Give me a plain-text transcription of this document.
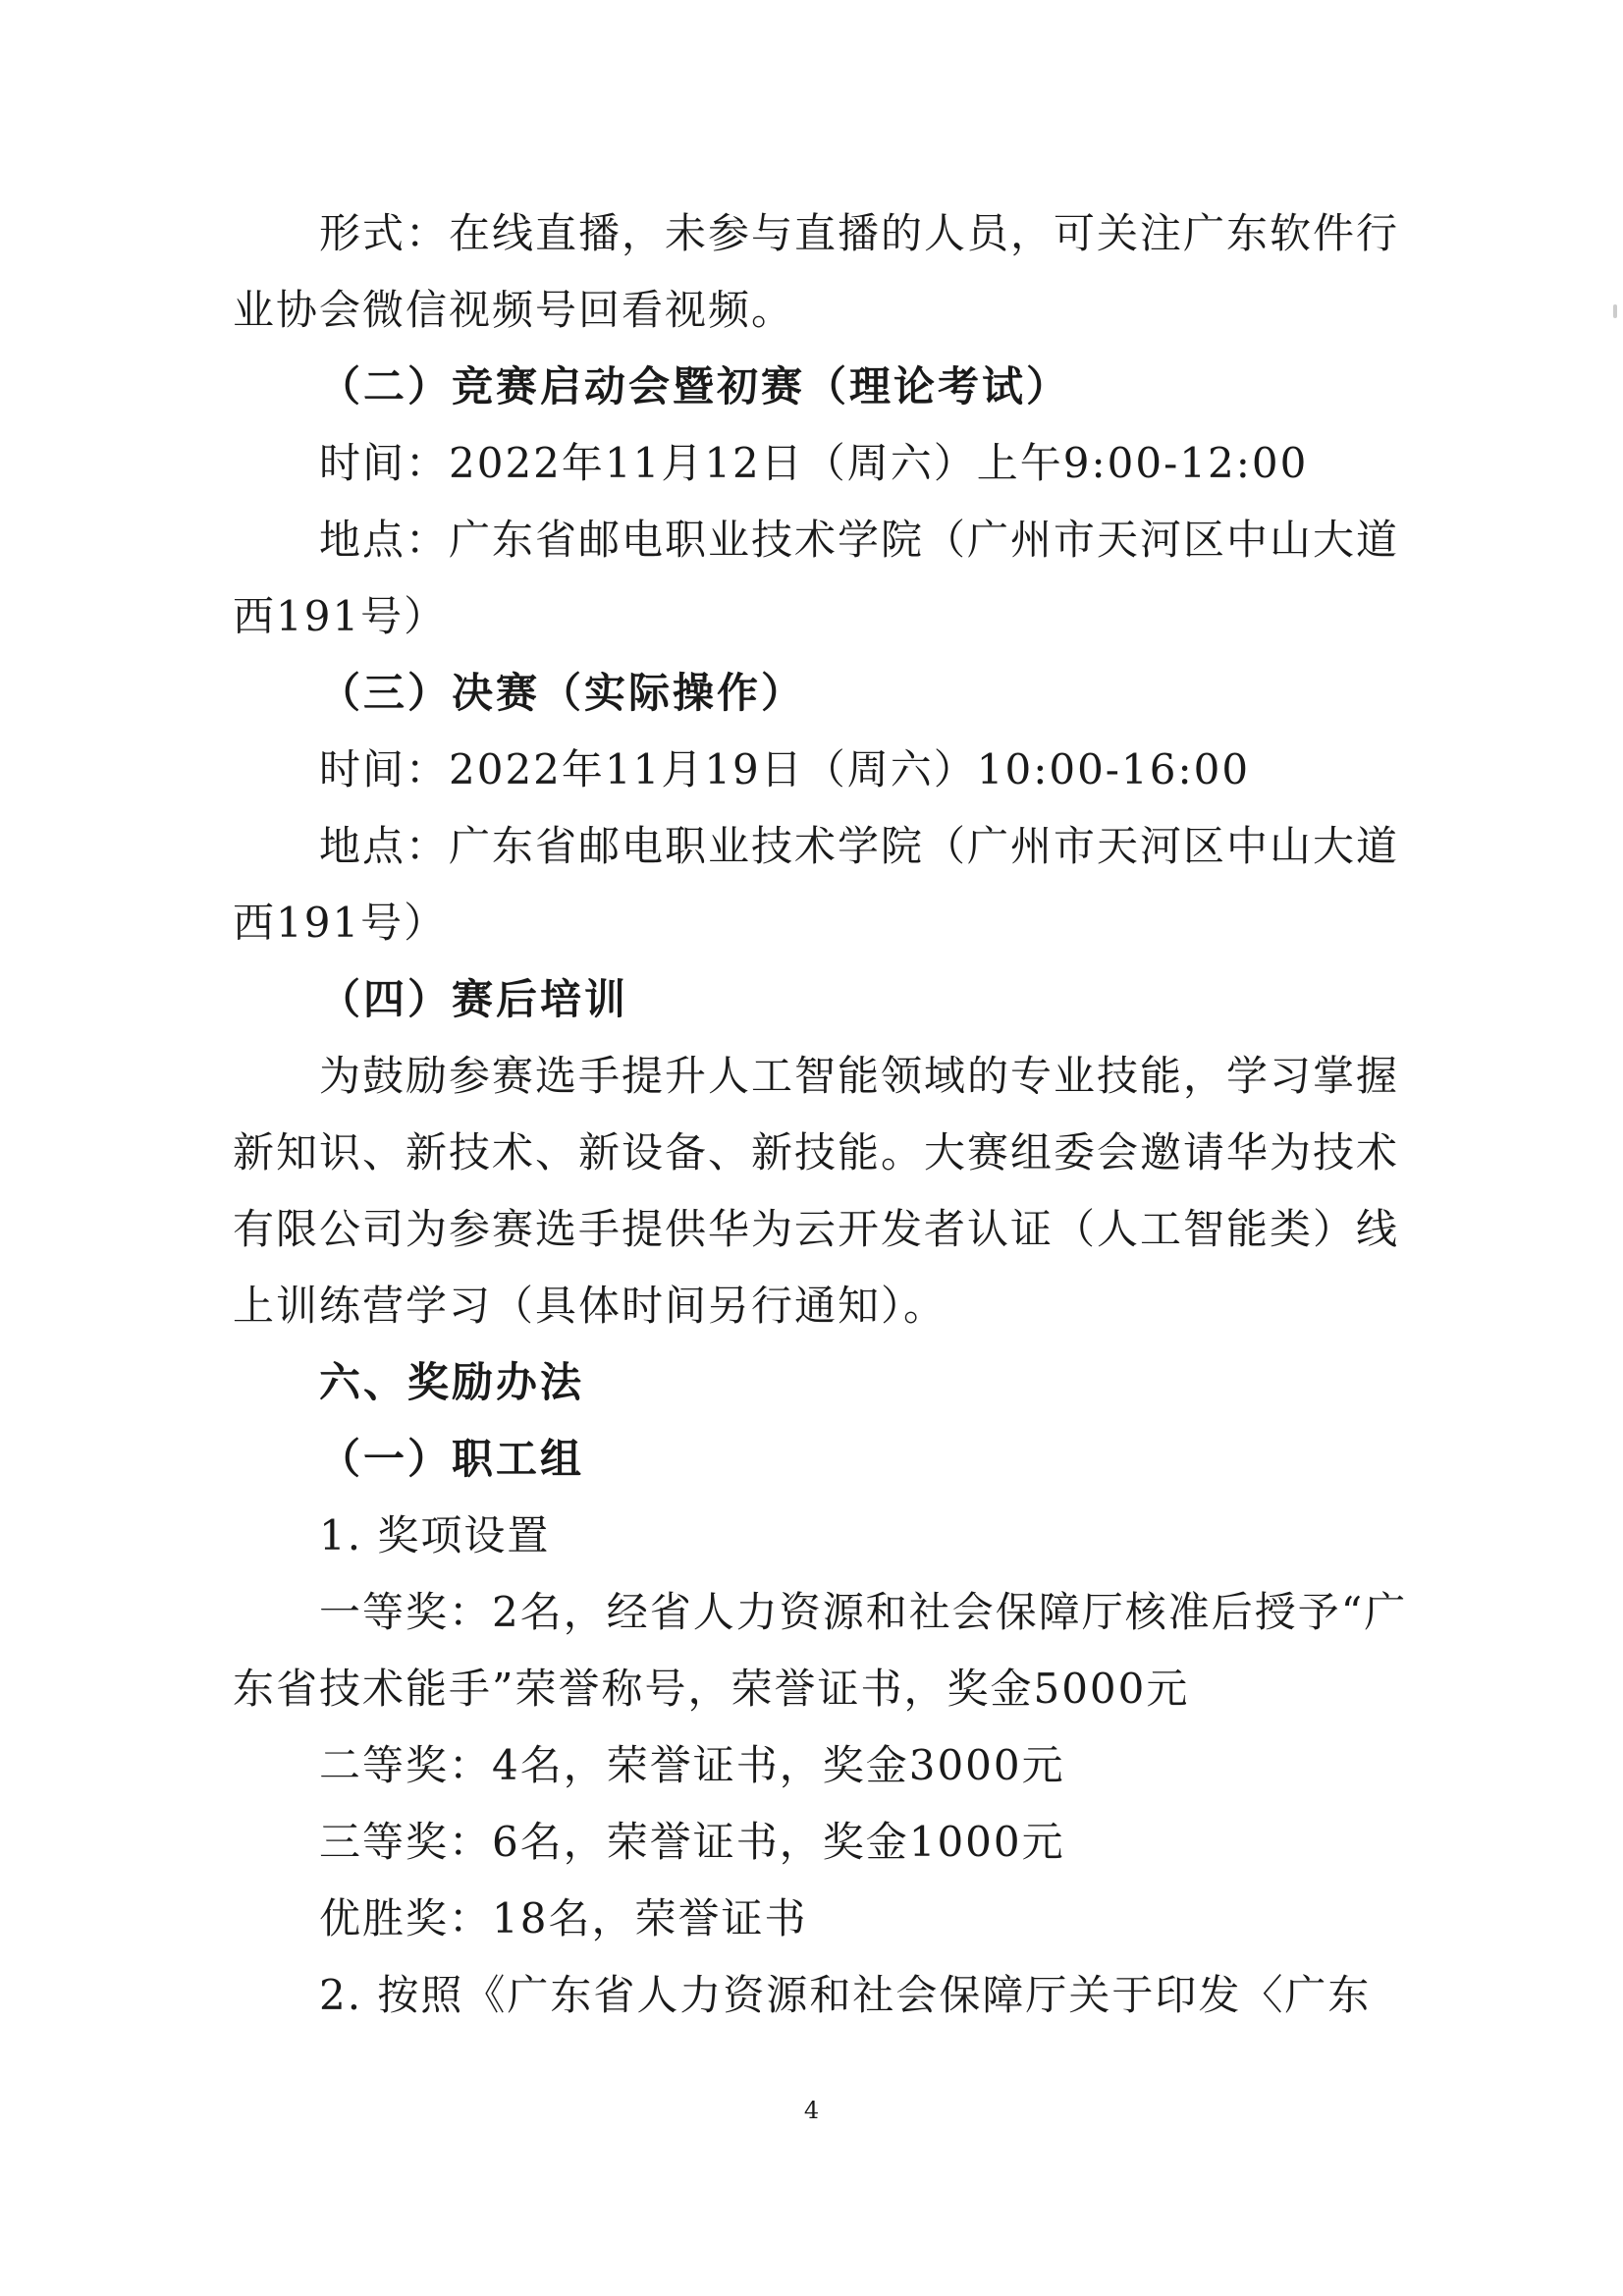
形式：在线直播，未参与直播的人员，可关注广东软件行
业协会微信视频号回看视频。
（二）竞赛启动会暨初赛（理论考试）
时间：2022年11月12日（周六）上午9:00-12:00
地点：广东省邮电职业技术学院（广州市天河区中山大道
西191号）
（三）决赛（实际操作）
时间：2022年11月19日（周六）10:00-16:00
地点：广东省邮电职业技术学院（广州市天河区中山大道
西191号）
（四）赛后培训
为鼓励参赛选手提升人工智能领域的专业技能，学习掌握
新知识、新技术、新设备、新技能。大赛组委会邀请华为技术
有限公司为参赛选手提供华为云开发者认证（人工智能类）线
上训练营学习（具体时间另行通知）。
六、奖励办法
（一）职工组
1. 奖项设置
一等奖：2名，经省人力资源和社会保障厅核准后授予“广
东省技术能手”荣誉称号，荣誉证书，奖金5000元
二等奖：4名，荣誉证书，奖金3000元
三等奖：6名，荣誉证书，奖金1000元
优胜奖：18名，荣誉证书
2. 按照《广东省人力资源和社会保障厅关于印发〈广东
4
